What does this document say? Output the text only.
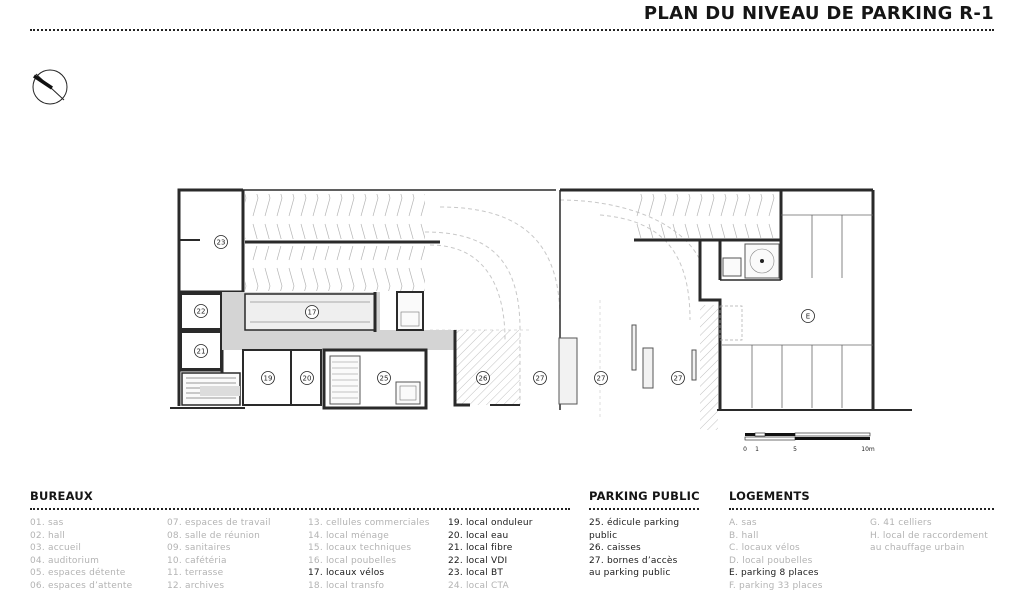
PLAN DU NIVEAU DE PARKING R-1
23
22
21
17
19	20	25	26	27	27	27
E
0 1	5	10m
BUREAUX	PARKING PUBLIC	LOGEMENTS
01. sas
02. hall
03. accueil
04. auditorium
05. espaces détente
06. espaces d’attente
07. espaces de travail
08. salle de réunion
09. sanitaires
10. cafétéria
11. terrasse
12. archives
13. cellules commerciales
14. local ménage
15. locaux techniques
16. local poubelles
17. locaux vélos
18. local transfo
19. local onduleur
20. local eau
21. local fibre
22. local VDI
23. local BT
24. local CTA
25. édicule parking
public
26. caisses
27. bornes d’accès
au parking public
A. sas
B. hall
C. locaux vélos
D. local poubelles
E. parking 8 places
F. parking 33 places
G. 41 celliers
H. local de raccordement
au chauffage urbain
